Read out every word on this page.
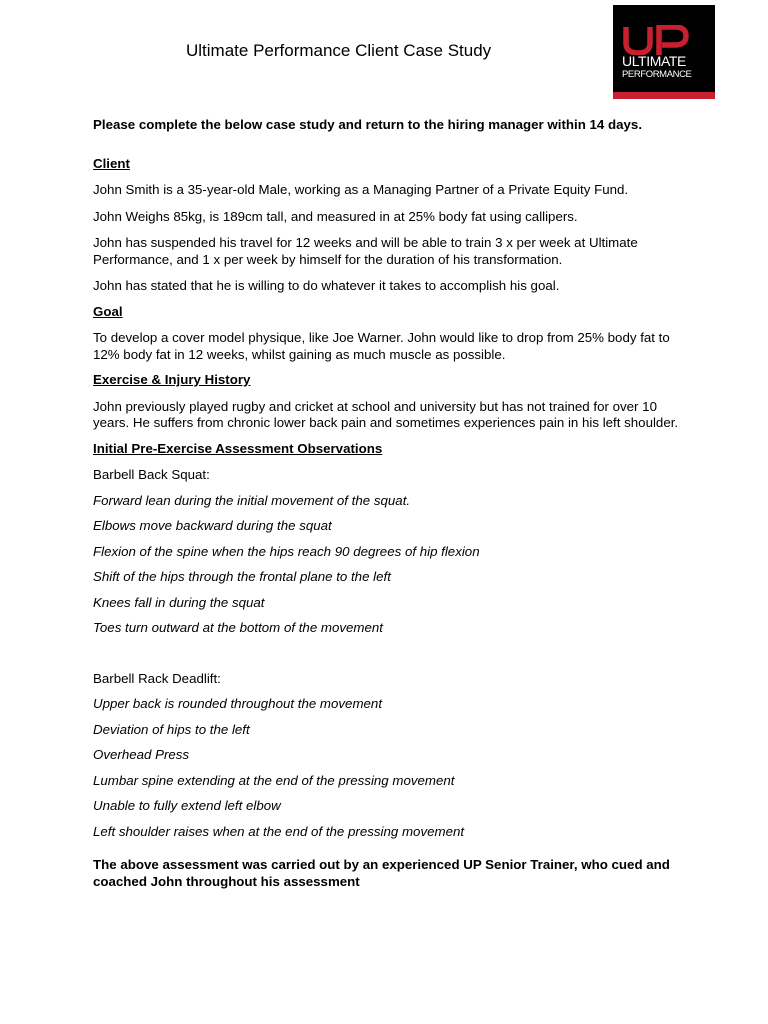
Ultimate Performance Client Case Study
ULTIMATE
PERFORMANCE

Please complete the below case study and return to the hiring manager within 14 days.

Client

John Smith is a 35-year-old Male, working as a Managing Partner of a Private Equity Fund.

John Weighs 85kg, is 189cm tall, and measured in at 25% body fat using callipers.

John has suspended his travel for 12 weeks and will be able to train 3 x per week at Ultimate Performance, and 1 x per week by himself for the duration of his transformation.

John has stated that he is willing to do whatever it takes to accomplish his goal.

Goal

To develop a cover model physique, like Joe Warner. John would like to drop from 25% body fat to 12% body fat in 12 weeks, whilst gaining as much muscle as possible.

Exercise & Injury History

John previously played rugby and cricket at school and university but has not trained for over 10 years. He suffers from chronic lower back pain and sometimes experiences pain in his left shoulder.

Initial Pre-Exercise Assessment Observations

Barbell Back Squat:

Forward lean during the initial movement of the squat.

Elbows move backward during the squat

Flexion of the spine when the hips reach 90 degrees of hip flexion

Shift of the hips through the frontal plane to the left

Knees fall in during the squat

Toes turn outward at the bottom of the movement

Barbell Rack Deadlift:

Upper back is rounded throughout the movement

Deviation of hips to the left

Overhead Press

Lumbar spine extending at the end of the pressing movement

Unable to fully extend left elbow

Left shoulder raises when at the end of the pressing movement

The above assessment was carried out by an experienced UP Senior Trainer, who cued and coached John throughout his assessment
